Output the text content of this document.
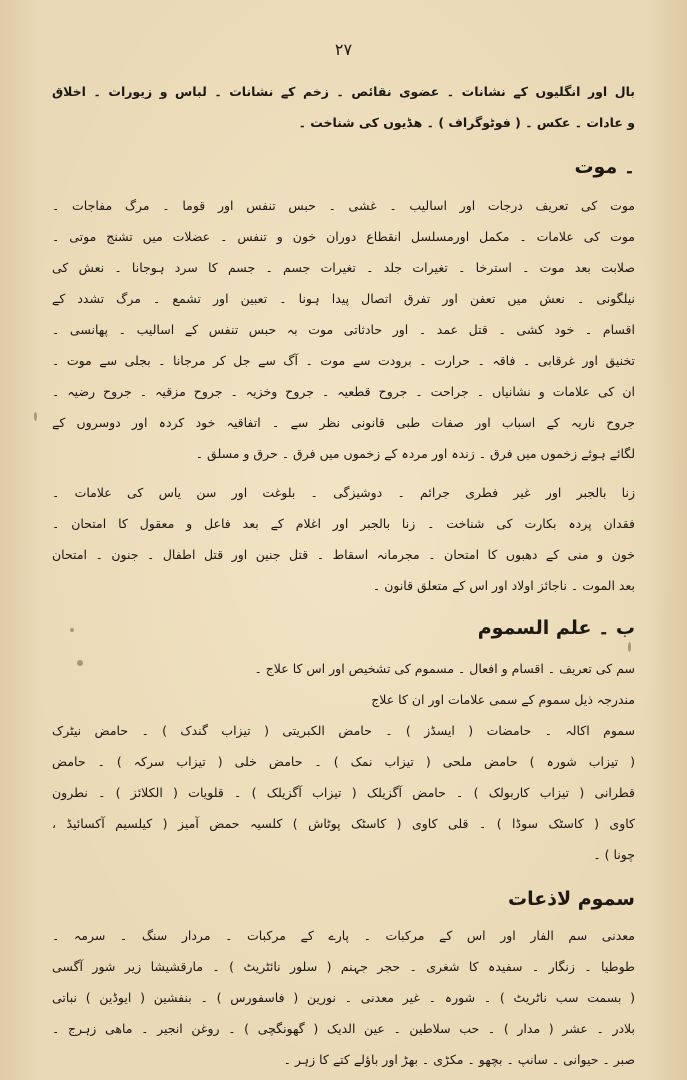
۲۷

بال اور انگلیوں کے نشانات ۔ عضوی نقائص ۔ زخم کے نشانات ۔ لباس و زیورات ۔ اخلاق
و عادات ۔ عکس ۔ ( فوٹوگراف ) ۔ ھڈیوں کی شناخت ۔

۔ موت

موت کی تعریف درجات اور اسالیب ۔ غشی ۔ حبس تنفس اور قوما ۔ مرگ مفاجات ۔
موت کی علامات ۔ مکمل اورمسلسل انقطاع دوران خون و تنفس ۔ عضلات میں تشنج موتی ۔
صلابت بعد موت ۔ استرخا ۔ تغیرات جلد ۔ تغیرات جسم ۔ جسم کا سرد ہوجانا ۔ نعش کی
نیلگونی ۔ نعش میں تعفن اور تفرق اتصال پیدا ہونا ۔ تعبین اور تشمع ۔ مرگ تشدد کے
اقسام ۔ خود کشی ۔ قتل عمد ۔ اور حادثاتی موت بہ حبس تنفس کے اسالیب ۔ پھانسی ۔
تخنیق اور غرقابی ۔ فاقہ ۔ حرارت ۔ برودت سے موت ۔ آگ سے جل کر مرجانا ۔ بجلی سے موت ۔
ان کی علامات و نشانیاں ۔ جراحت ۔ جروح قطعیہ ۔ جروح وخزیہ ۔ جروح مزقیہ ۔ جروح رضیہ ۔
جروح ناریہ کے اسباب اور صفات طبی قانونی نظر سے ۔ اتفاقیہ خود کردہ اور دوسروں کے
لگائے ہوئے زخموں میں فرق ۔ زندہ اور مردہ کے زخموں میں فرق ۔ حرق و مسلق ۔

زنا بالجبر اور غیر فطری جرائم ۔ دوشیزگی ۔ بلوغت اور سن یاس کی علامات ۔
فقدان پردہ بکارت کی شناخت ۔ زنا بالجبر اور اغلام کے بعد فاعل و معقول کا امتحان ۔
خون و منی کے دھبوں کا امتحان ۔ مجرمانہ اسقاط ۔ قتل جنین اور قتل اطفال ۔ جنون ۔ امتحان
بعد الموت ۔ ناجائز اولاد اور اس کے متعلق قانون ۔

ب ۔ علم السموم

سم کی تعریف ۔ اقسام و افعال ۔ مسموم کی تشخیص اور اس کا علاج ۔
مندرجہ ذیل سموم کے سمی علامات اور ان کا علاج

سموم اکالہ ۔ حامضات ( ایسڈز ) ۔ حامض الکبریتی ( تیزاب گندک ) ۔ حامض نیٹرک
( تیزاب شورہ ) حامض ملحی ( تیزاب نمک ) ۔ حامض خلی ( تیزاب سرکہ ) ۔ حامض
قطرانی ( تیزاب کاربولک ) ۔ حامض آگزیلک ( تیزاب آگزیلک ) ۔ قلویات ( الکلائز ) ۔ نطرون
کاوی ( کاسٹک سوڈا ) ۔ قلی کاوی ( کاسٹک پوٹاش ) کلسیہ حمض آمیز ( کیلسیم آکسائیڈ ،
چونا ) ۔

سموم لاذعات

معدنی سم الفار اور اس کے مرکبات ۔ پارے کے مرکبات ۔ مردار سنگ ۔ سرمہ ۔
طوطیا ۔ زنگار ۔ سفیدہ کا شغری ۔ حجر جہنم ( سلور نائٹریٹ ) ۔ مارقشیشا زیر شور آگسی
( بسمت سب ناٹریٹ ) ۔ شورہ ۔ غیر معدنی ۔ نورین ( فاسفورس ) ۔ بنفشین ( ایوڈین ) نباتی
بلادر ۔ عشر ( مدار ) ۔ حب سلاطین ۔ عین الدیک ( گھونگچی ) ۔ روغن انجیر ۔ ماھی زہرج ۔
صبر ۔ حیوانی ۔ سانپ ۔ بچھو ۔ مکڑی ۔ بھڑ اور باؤلے کتے کا زہر ۔
